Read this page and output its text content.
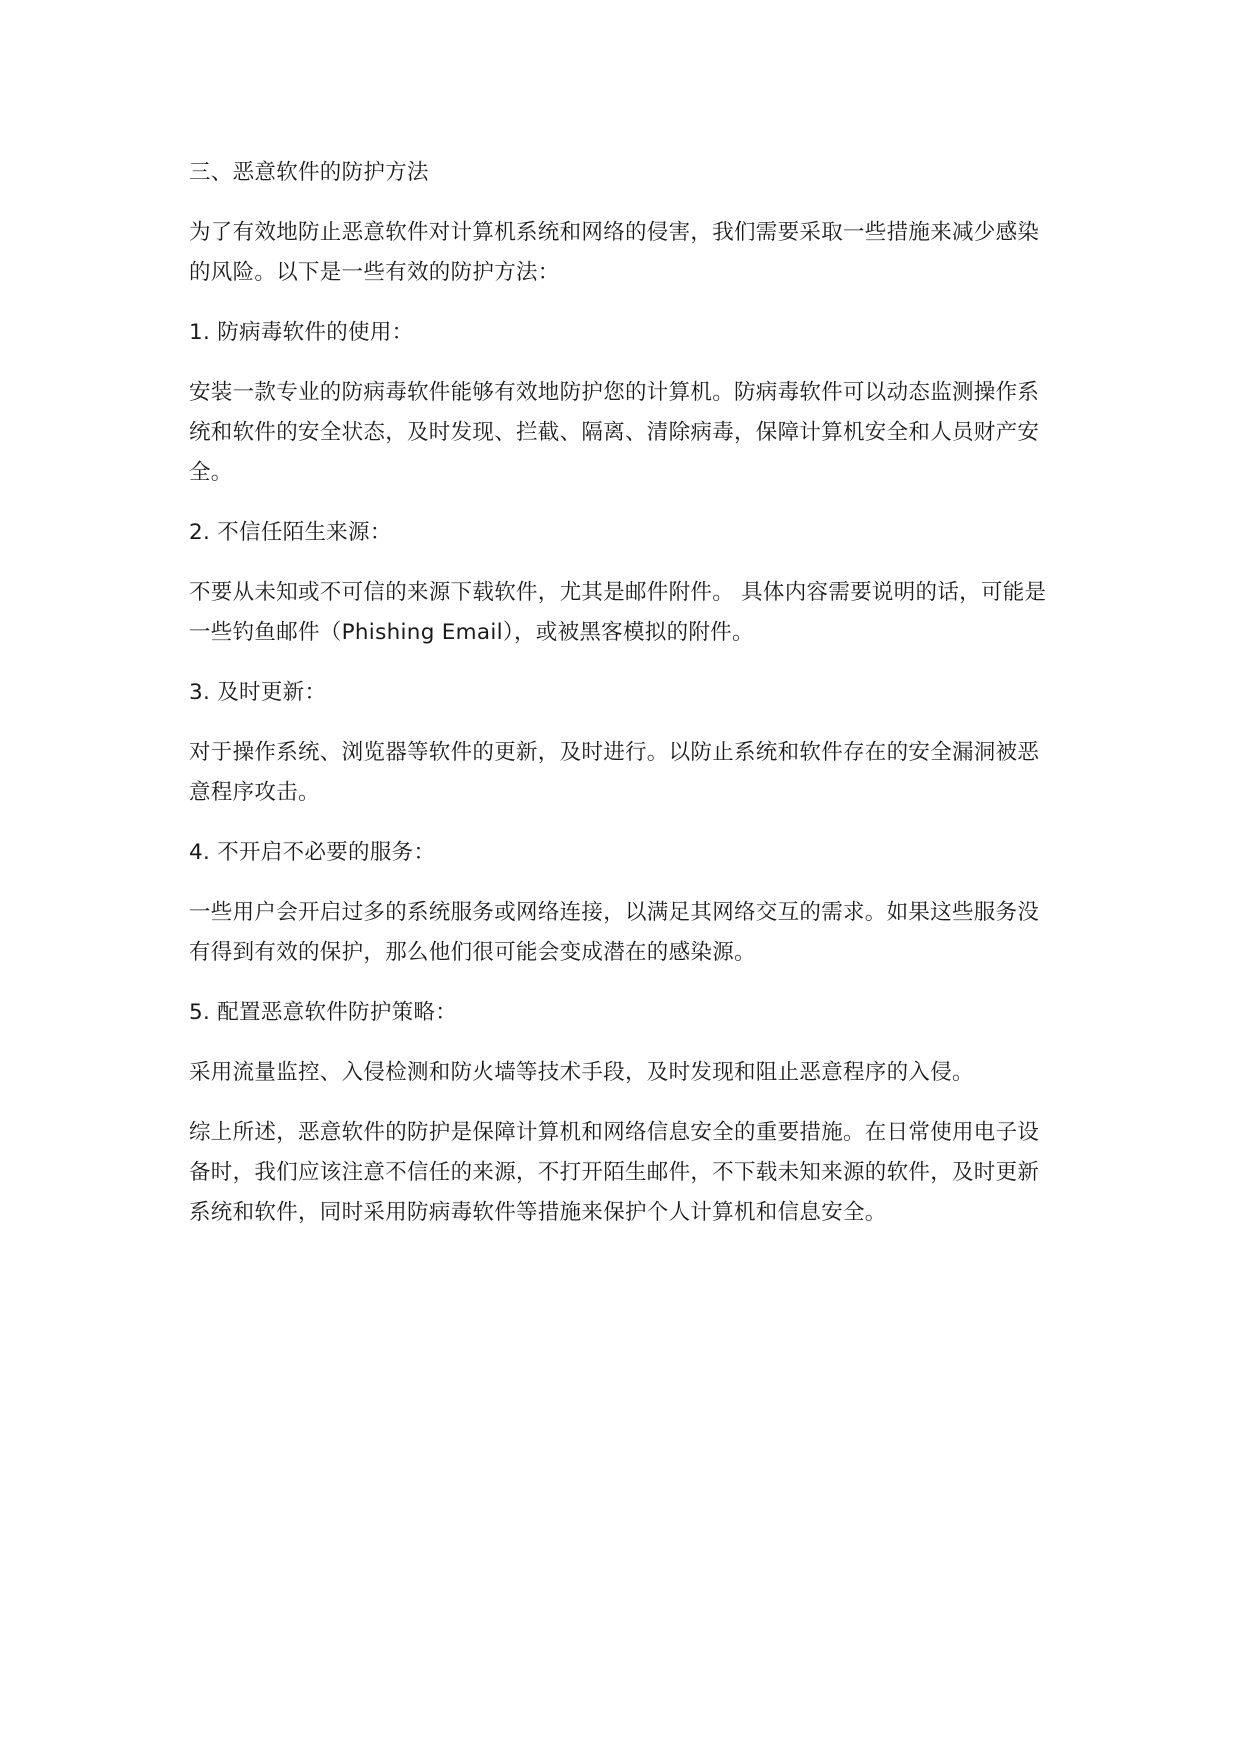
三、恶意软件的防护方法

为了有效地防止恶意软件对计算机系统和网络的侵害，我们需要采取一些措施来减少感染的风险。以下是一些有效的防护方法：

1. 防病毒软件的使用：

安装一款专业的防病毒软件能够有效地防护您的计算机。防病毒软件可以动态监测操作系统和软件的安全状态，及时发现、拦截、隔离、清除病毒，保障计算机安全和人员财产安全。

2. 不信任陌生来源：

不要从未知或不可信的来源下载软件，尤其是邮件附件。 具体内容需要说明的话，可能是一些钓鱼邮件（Phishing Email），或被黑客模拟的附件。

3. 及时更新：

对于操作系统、浏览器等软件的更新，及时进行。以防止系统和软件存在的安全漏洞被恶意程序攻击。

4. 不开启不必要的服务：

一些用户会开启过多的系统服务或网络连接，以满足其网络交互的需求。如果这些服务没有得到有效的保护，那么他们很可能会变成潜在的感染源。

5. 配置恶意软件防护策略：

采用流量监控、入侵检测和防火墙等技术手段，及时发现和阻止恶意程序的入侵。

综上所述，恶意软件的防护是保障计算机和网络信息安全的重要措施。在日常使用电子设备时，我们应该注意不信任的来源，不打开陌生邮件，不下载未知来源的软件，及时更新系统和软件，同时采用防病毒软件等措施来保护个人计算机和信息安全。
